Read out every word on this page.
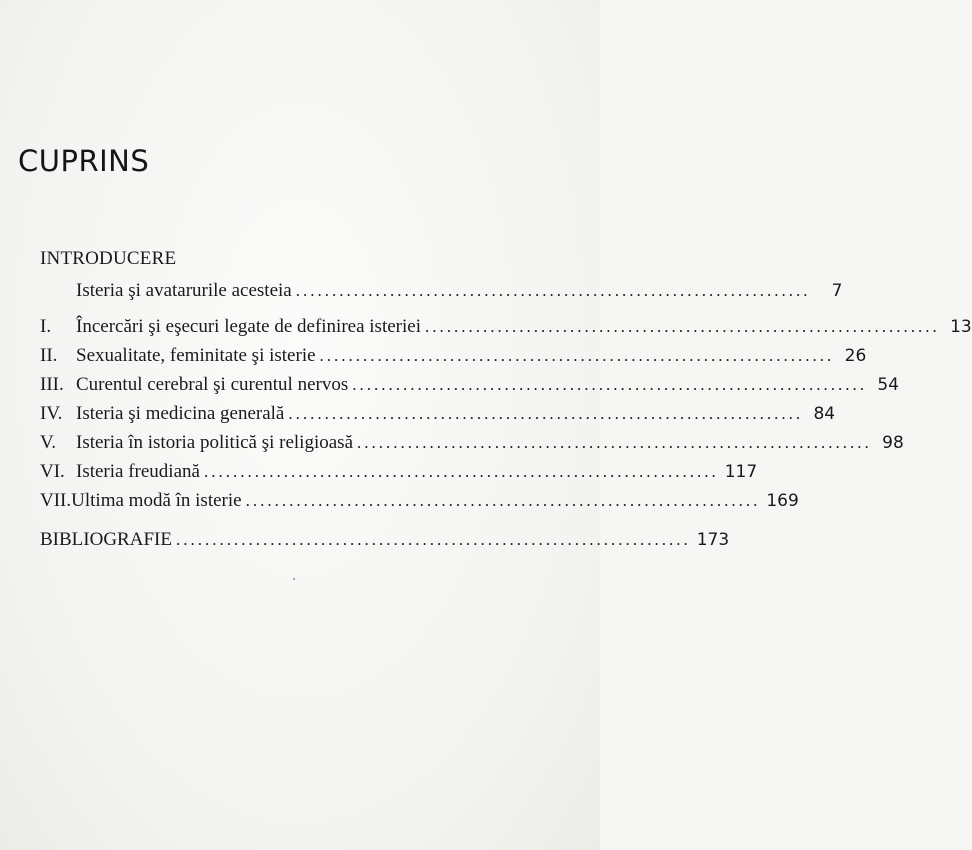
CUPRINS
INTRODUCERE
Isteria şi avatarurile acesteia .......................................................................	7
I.	Încercări şi eşecuri legate de definirea isteriei ....................................................................... 13
II. Sexualitate, feminitate şi isterie ....................................................................... 26
III. Curentul cerebral şi curentul nervos ....................................................................... 54
IV. Isteria şi medicina generală ....................................................................... 84
V.	Isteria în istoria politică şi religioasă ....................................................................... 98
VI. Isteria freudiană ....................................................................... 117
VII. Ultima modă în isterie ....................................................................... 169
BIBLIOGRAFIE ....................................................................... 173
